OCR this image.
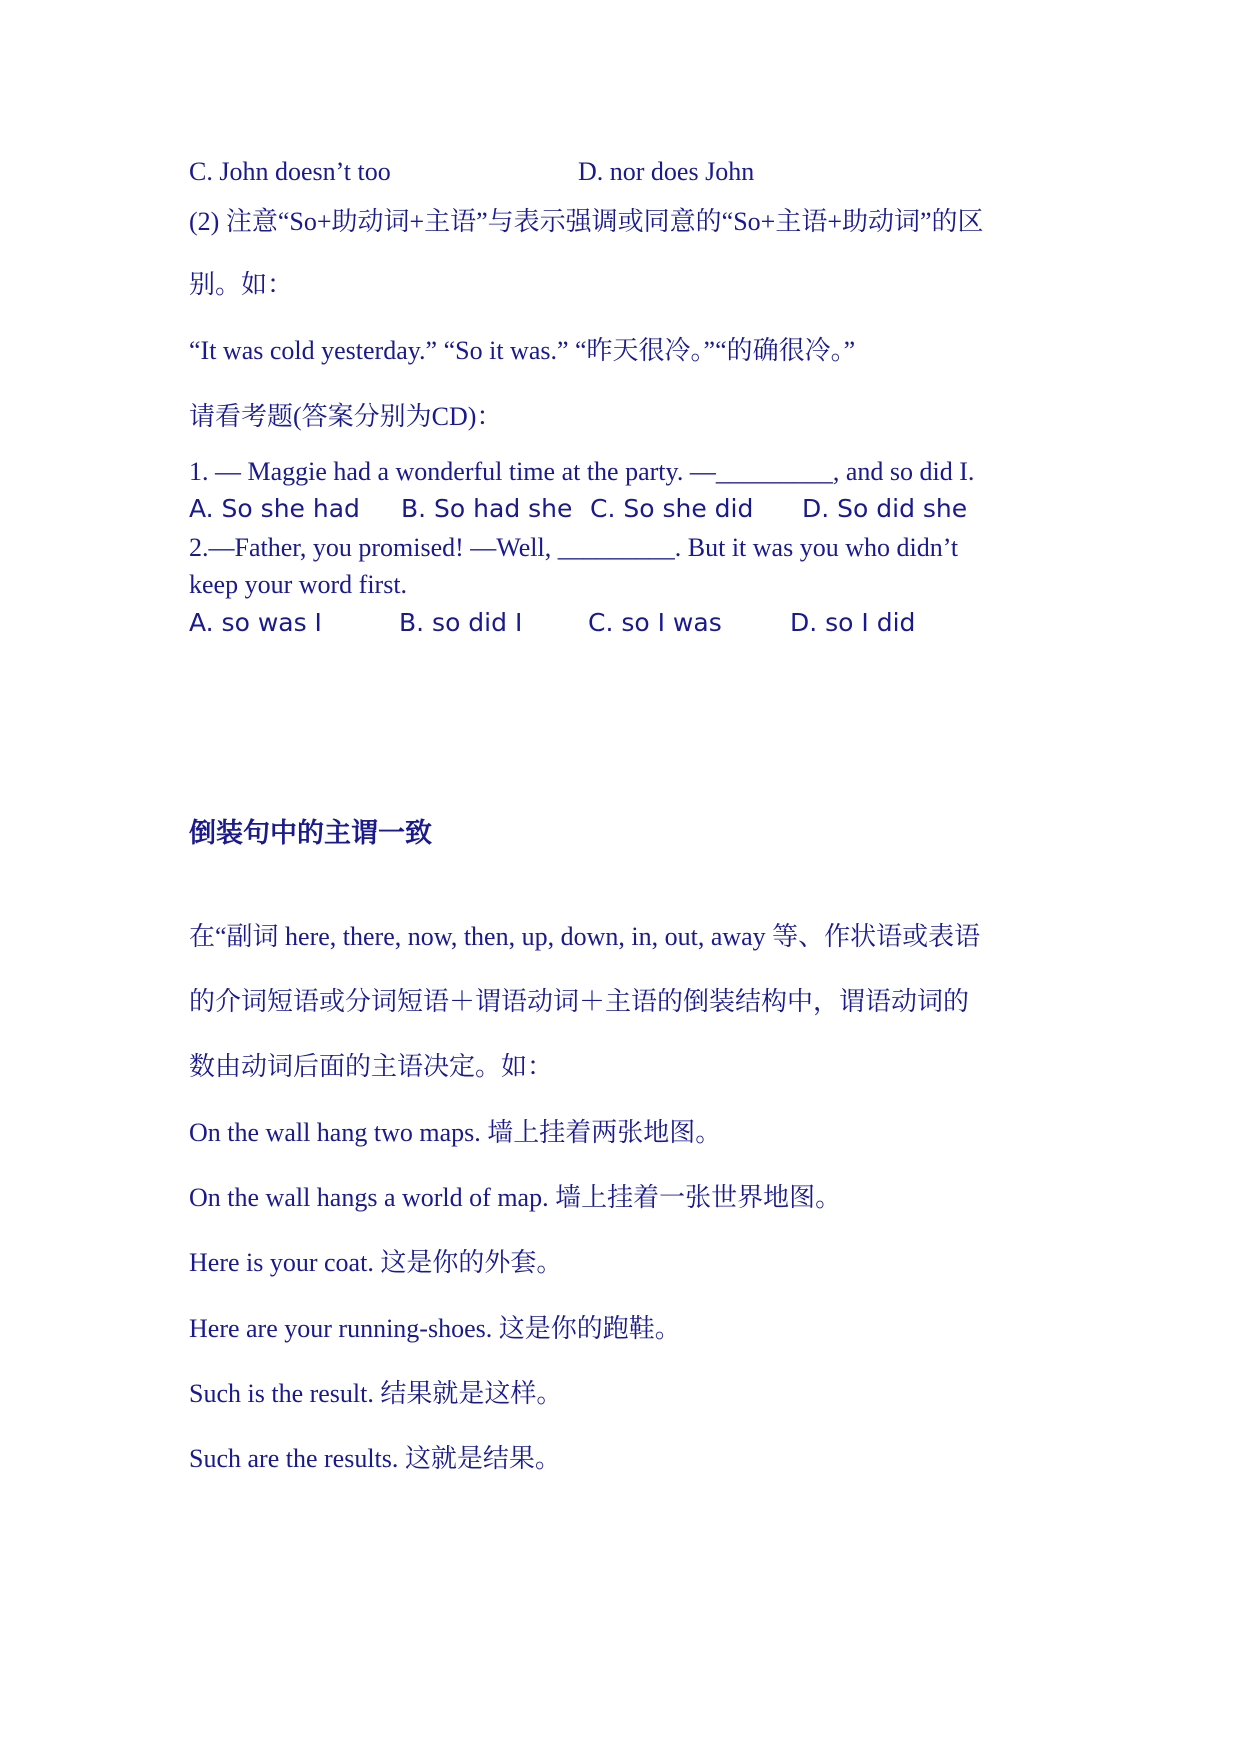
C. John doesn’t too	D. nor does John
(2) 注意“So+助动词+主语”与表示强调或同意的“So+主语+助动词”的区
别。如：
“It was cold yesterday.” “So it was.” “昨天很冷。”“的确很冷。”
请看考题(答案分别为CD)：
1. — Maggie had a wonderful time at the party. —_________, and so did I.
A. So she had B. So had she C. So she did D. So did she
2.—Father, you promised! —Well, _________. But it was you who didn’t
keep your word first.
A. so was I	B. so did I	C. so I was	D. so I did
倒装句中的主谓一致
在“副词 here, there, now, then, up, down, in, out, away 等、作状语或表语
的介词短语或分词短语＋谓语动词＋主语的倒装结构中，谓语动词的
数由动词后面的主语决定。如：
On the wall hang two maps. 墙上挂着两张地图。
On the wall hangs a world of map. 墙上挂着一张世界地图。
Here is your coat. 这是你的外套。
Here are your running-shoes. 这是你的跑鞋。
Such is the result. 结果就是这样。
Such are the results. 这就是结果。
